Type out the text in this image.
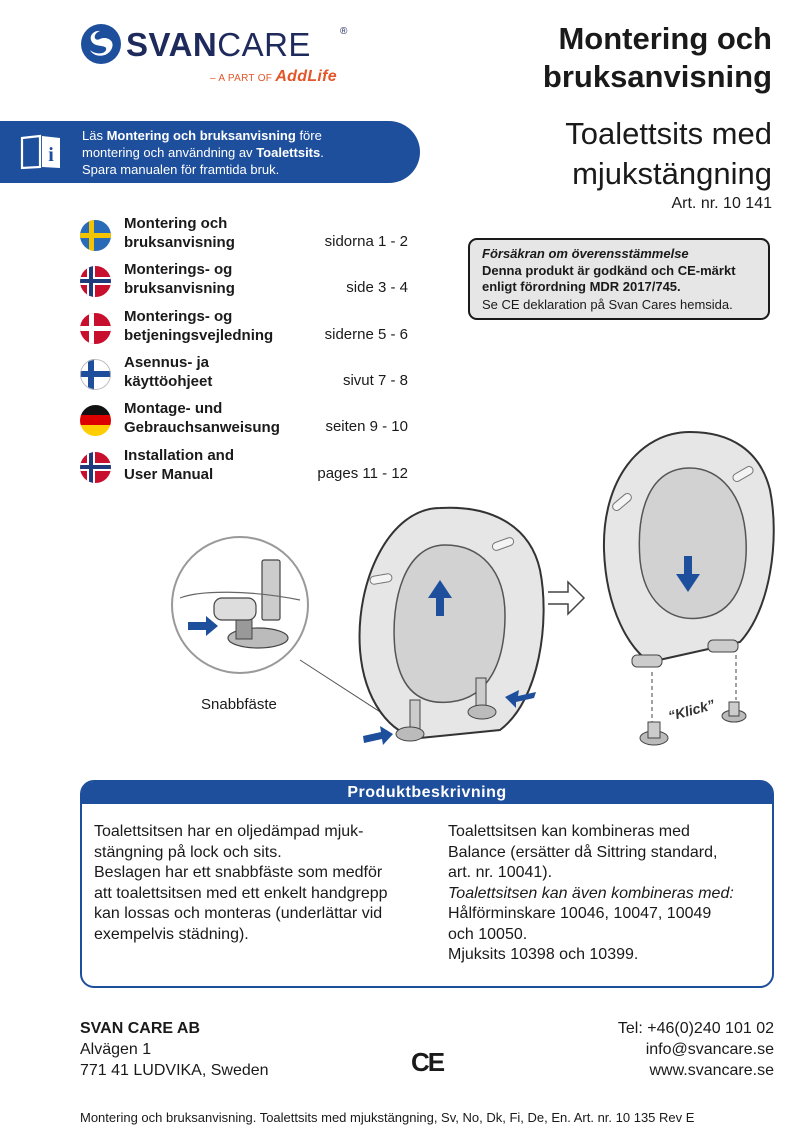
SVANCARE	®
– A PART OF AddLife
Montering och
bruksanvisning
Toalettsits med
mjukstängning
Art. nr. 10 141
i
Läs Montering och bruksanvisning före
montering och användning av Toalettsits.
Spara manualen för framtida bruk.
Montering och
bruksanvisning	sidorna 1 - 2
Monterings- og
bruksanvisning	side 3 - 4
Monterings- og
betjeningsvejledning	siderne 5 - 6
Asennus- ja
käyttöohjeet	sivut 7 - 8
Montage- und
Gebrauchsanweisung	seiten 9 - 10
Installation and
User Manual	pages 11 - 12
Försäkran om överensstämmelse
Denna produkt är godkänd och CE-märkt
enligt förordning MDR 2017/745.
Se CE deklaration på Svan Cares hemsida.
“Klick”
Snabbfäste
Produktbeskrivning
Toalettsitsen har en oljedämpad mjuk-
stängning på lock och sits.
Beslagen har ett snabbfäste som medför
att toalettsitsen med ett enkelt handgrepp
kan lossas och monteras (underlättar vid
exempelvis städning).
Toalettsitsen kan kombineras med
Balance (ersätter då Sittring standard,
art. nr. 10041).
Toalettsitsen kan även kombineras med:
Hålförminskare 10046, 10047, 10049
och 10050.
Mjuksits 10398 och 10399.
SVAN CARE AB
Alvägen 1
771 41 LUDVIKA, Sweden	CE
Tel: +46(0)240 101 02
info@svancare.se
www.svancare.se
Montering och bruksanvisning. Toalettsits med mjukstängning, Sv, No, Dk, Fi, De, En. Art. nr. 10 135 Rev E
